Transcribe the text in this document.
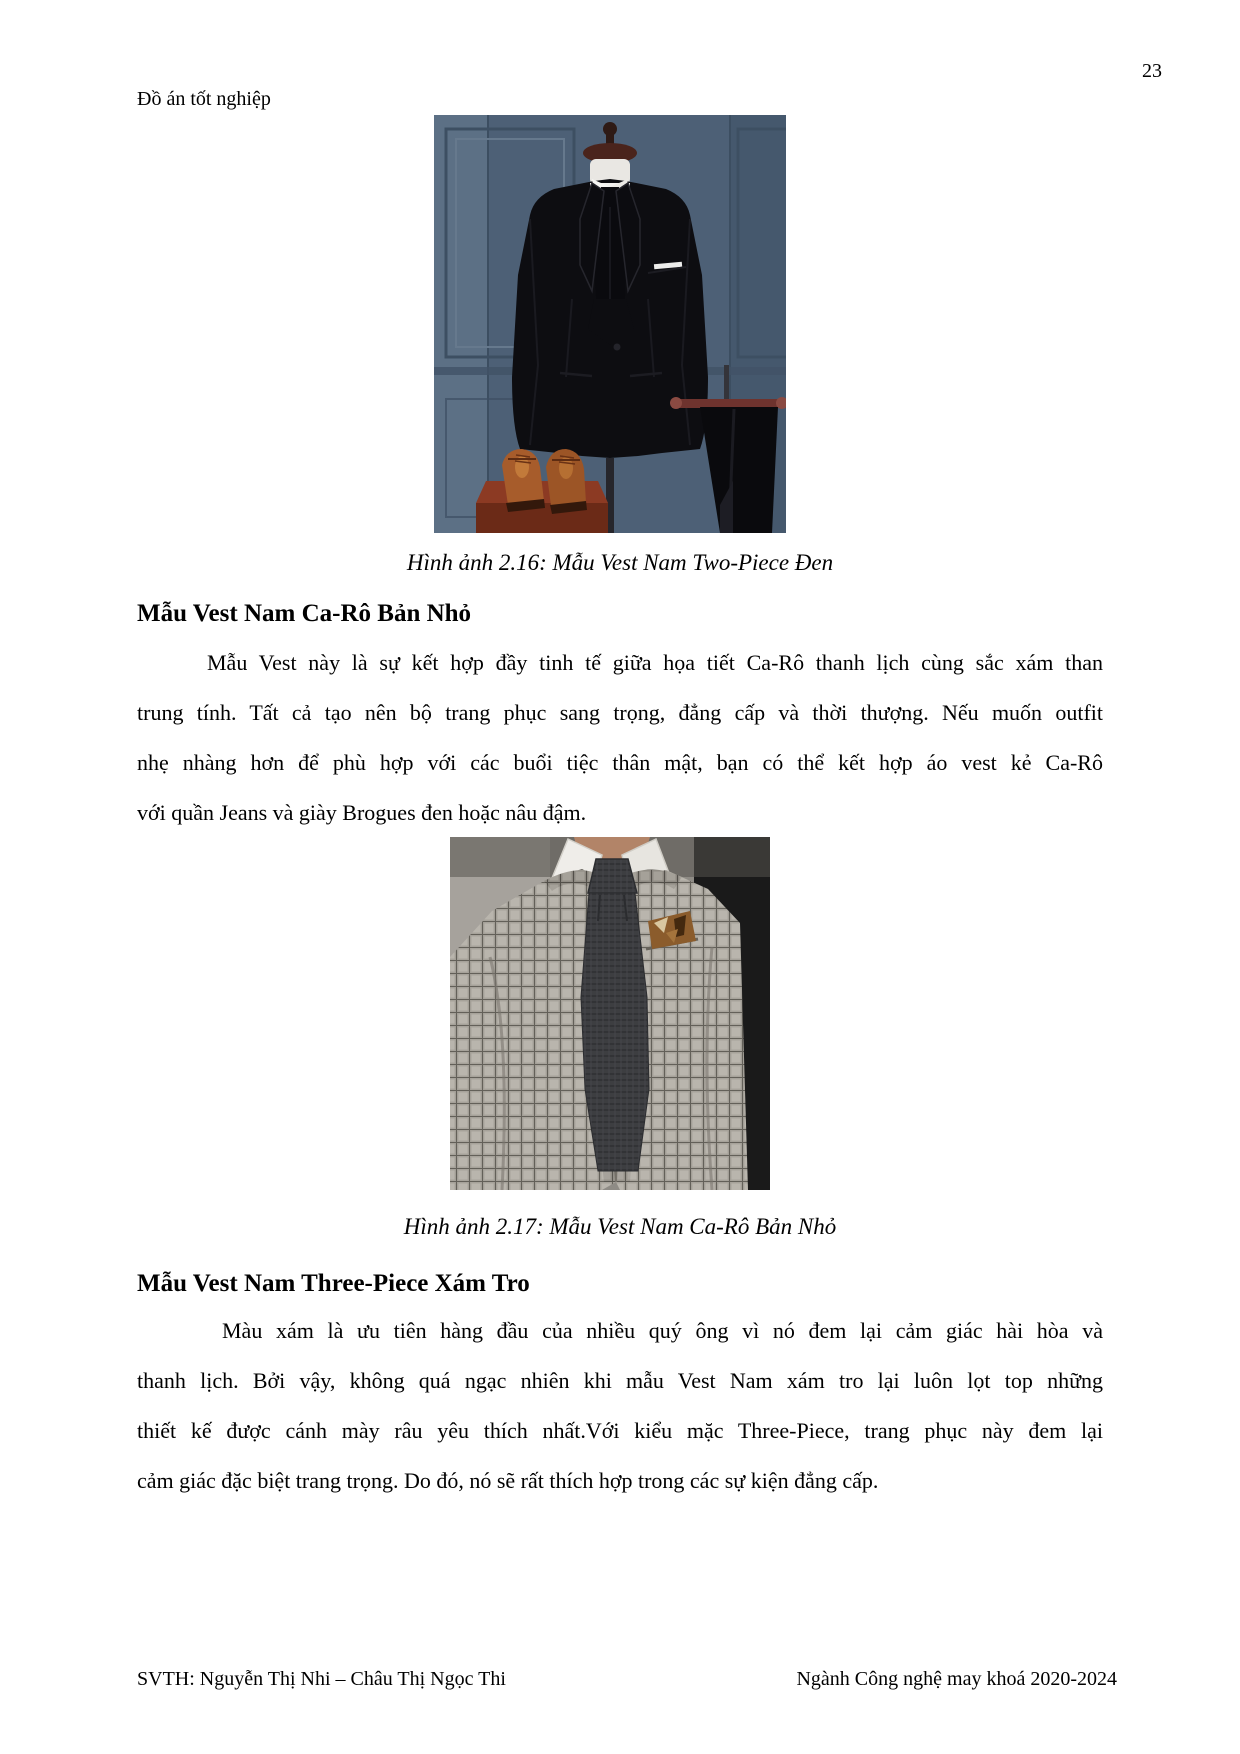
Đồ án tốt nghiệp
23
Hình ảnh 2.16: Mẫu Vest Nam Two-Piece Đen
Mẫu Vest Nam Ca-Rô Bản Nhỏ
Mẫu Vest này là sự kết hợp đầy tinh tế giữa họa tiết Ca-Rô thanh lịch cùng sắc xám than
trung tính. Tất cả tạo nên bộ trang phục sang trọng, đẳng cấp và thời thượng. Nếu muốn outfit
nhẹ nhàng hơn để phù hợp với các buổi tiệc thân mật, bạn có thể kết hợp áo vest kẻ Ca-Rô
với quần Jeans và giày Brogues đen hoặc nâu đậm.
Hình ảnh 2.17: Mẫu Vest Nam Ca-Rô Bản Nhỏ
Mẫu Vest Nam Three-Piece Xám Tro
Màu xám là ưu tiên hàng đầu của nhiều quý ông vì nó đem lại cảm giác hài hòa và
thanh lịch. Bởi vậy, không quá ngạc nhiên khi mẫu Vest Nam xám tro lại luôn lọt top những
thiết kế được cánh mày râu yêu thích nhất.Với kiểu mặc Three-Piece, trang phục này đem lại
cảm giác đặc biệt trang trọng. Do đó, nó sẽ rất thích hợp trong các sự kiện đẳng cấp.
SVTH: Nguyễn Thị Nhi – Châu Thị Ngọc Thi	Ngành Công nghệ may khoá 2020-2024
